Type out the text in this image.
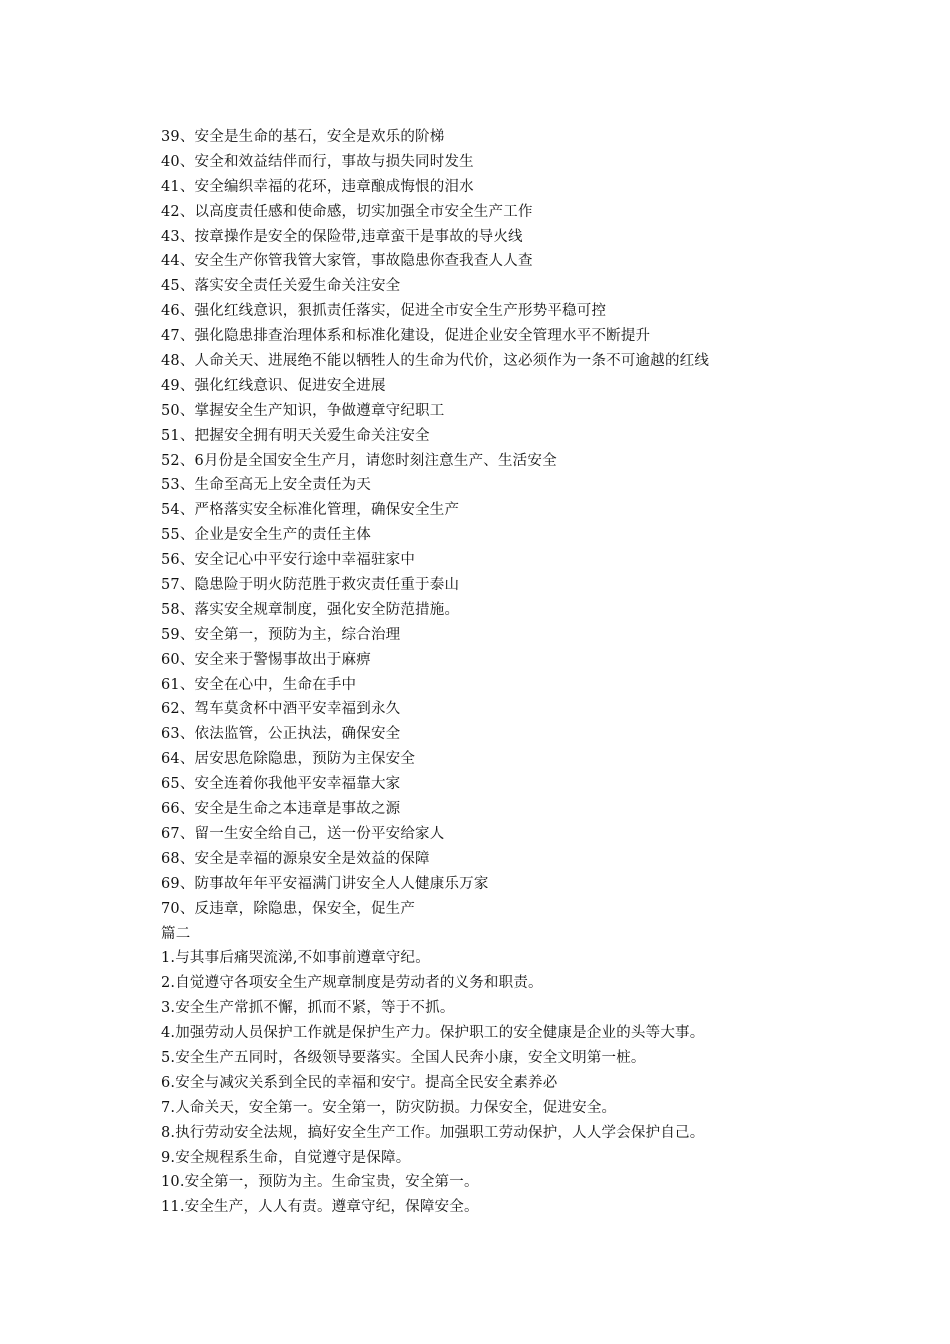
39、安全是生命的基石，安全是欢乐的阶梯
40、安全和效益结伴而行，事故与损失同时发生
41、安全编织幸福的花环，违章酿成悔恨的泪水
42、以高度责任感和使命感，切实加强全市安全生产工作
43、按章操作是安全的保险带,违章蛮干是事故的导火线
44、安全生产你管我管大家管，事故隐患你查我查人人查
45、落实安全责任关爱生命关注安全
46、强化红线意识，狠抓责任落实，促进全市安全生产形势平稳可控
47、强化隐患排查治理体系和标准化建设，促进企业安全管理水平不断提升
48、人命关天、进展绝不能以牺牲人的生命为代价，这必须作为一条不可逾越的红线
49、强化红线意识、促进安全进展
50、掌握安全生产知识，争做遵章守纪职工
51、把握安全拥有明天关爱生命关注安全
52、6月份是全国安全生产月，请您时刻注意生产、生活安全
53、生命至高无上安全责任为天
54、严格落实安全标准化管理，确保安全生产
55、企业是安全生产的责任主体
56、安全记心中平安行途中幸福驻家中
57、隐患险于明火防范胜于救灾责任重于泰山
58、落实安全规章制度，强化安全防范措施。
59、安全第一，预防为主，综合治理
60、安全来于警惕事故出于麻痹
61、安全在心中，生命在手中
62、驾车莫贪杯中酒平安幸福到永久
63、依法监管，公正执法，确保安全
64、居安思危除隐患，预防为主保安全
65、安全连着你我他平安幸福靠大家
66、安全是生命之本违章是事故之源
67、留一生安全给自己，送一份平安给家人
68、安全是幸福的源泉安全是效益的保障
69、防事故年年平安福满门讲安全人人健康乐万家
70、反违章，除隐患，保安全，促生产
篇二
1.与其事后痛哭流涕,不如事前遵章守纪。
2.自觉遵守各项安全生产规章制度是劳动者的义务和职责。
3.安全生产常抓不懈，抓而不紧，等于不抓。
4.加强劳动人员保护工作就是保护生产力。保护职工的安全健康是企业的头等大事。
5.安全生产五同时，各级领导要落实。全国人民奔小康，安全文明第一桩。
6.安全与减灾关系到全民的幸福和安宁。提高全民安全素养必
7.人命关天，安全第一。安全第一，防灾防损。力保安全，促进安全。
8.执行劳动安全法规，搞好安全生产工作。加强职工劳动保护，人人学会保护自己。
9.安全规程系生命，自觉遵守是保障。
10.安全第一，预防为主。生命宝贵，安全第一。
11.安全生产，人人有责。遵章守纪，保障安全。
